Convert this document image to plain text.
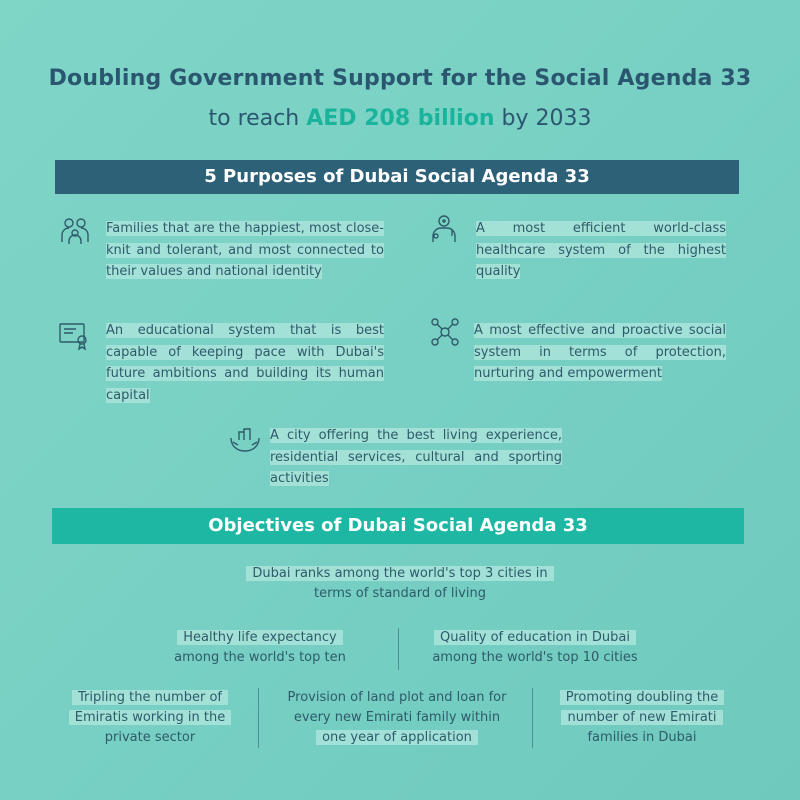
Doubling Government Support for the Social Agenda 33
to reach AED 208 billion by 2033
5 Purposes of Dubai Social Agenda 33
Families that are the happiest, most close-knit and tolerant, and most connected to their values and national identity
A most efficient world-class healthcare system of the highest quality
An educational system that is best capable of keeping pace with Dubai's future ambitions and building its human capital
A most effective and proactive social system in terms of protection, nurturing and empowerment
A city offering the best living experience, residential services, cultural and sporting activities
Objectives of Dubai Social Agenda 33
Dubai ranks among the world's top 3 cities in
terms of standard of living
Healthy life expectancy
among the world's top ten
Quality of education in Dubai
among the world's top 10 cities
Tripling the number of
Emiratis working in the
private sector
Provision of land plot and loan for
every new Emirati family within
one year of application
Promoting doubling the
number of new Emirati
families in Dubai
